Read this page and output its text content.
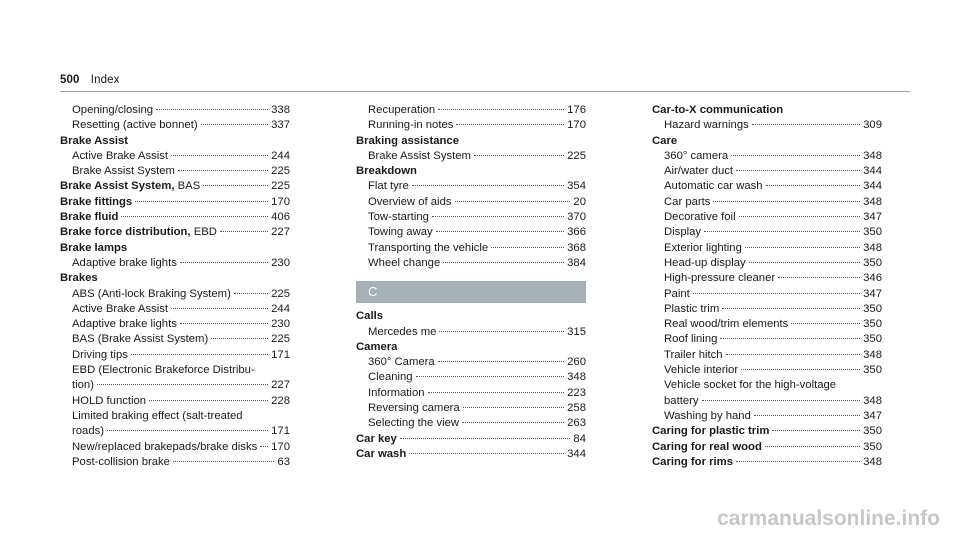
500 Index
Opening/closing	338
Resetting (active bonnet)	337
Brake Assist
Active Brake Assist	244
Brake Assist System	225
Brake Assist System, BAS	225
Brake fittings	170
Brake fluid	406
Brake force distribution, EBD	227
Brake lamps
Adaptive brake lights	230
Brakes
ABS (Anti-lock Braking System)	225
Active Brake Assist	244
Adaptive brake lights	230
BAS (Brake Assist System)	225
Driving tips	171
EBD (Electronic Brakeforce Distribu-
tion)	227
HOLD function	228
Limited braking effect (salt-treated
roads)	171
New/replaced brakepads/brake disks 170
Post-collision brake	63
Recuperation	176
Running-in notes	170
Braking assistance
Brake Assist System	225
Breakdown
Flat tyre	354
Overview of aids	20
Tow-starting	370
Towing away	366
Transporting the vehicle	368
Wheel change	384
C
Calls
Mercedes me	315
Camera
360° Camera	260
Cleaning	348
Information	223
Reversing camera	258
Selecting the view	263
Car key	84
Car wash	344
Car-to-X communication
Hazard warnings	309
Care
360° camera	348
Air/water duct	344
Automatic car wash	344
Car parts	348
Decorative foil	347
Display	350
Exterior lighting	348
Head-up display	350
High-pressure cleaner	346
Paint	347
Plastic trim	350
Real wood/trim elements	350
Roof lining	350
Trailer hitch	348
Vehicle interior	350
Vehicle socket for the high-voltage
battery	348
Washing by hand	347
Caring for plastic trim	350
Caring for real wood	350
Caring for rims	348
carmanualsonline.info
